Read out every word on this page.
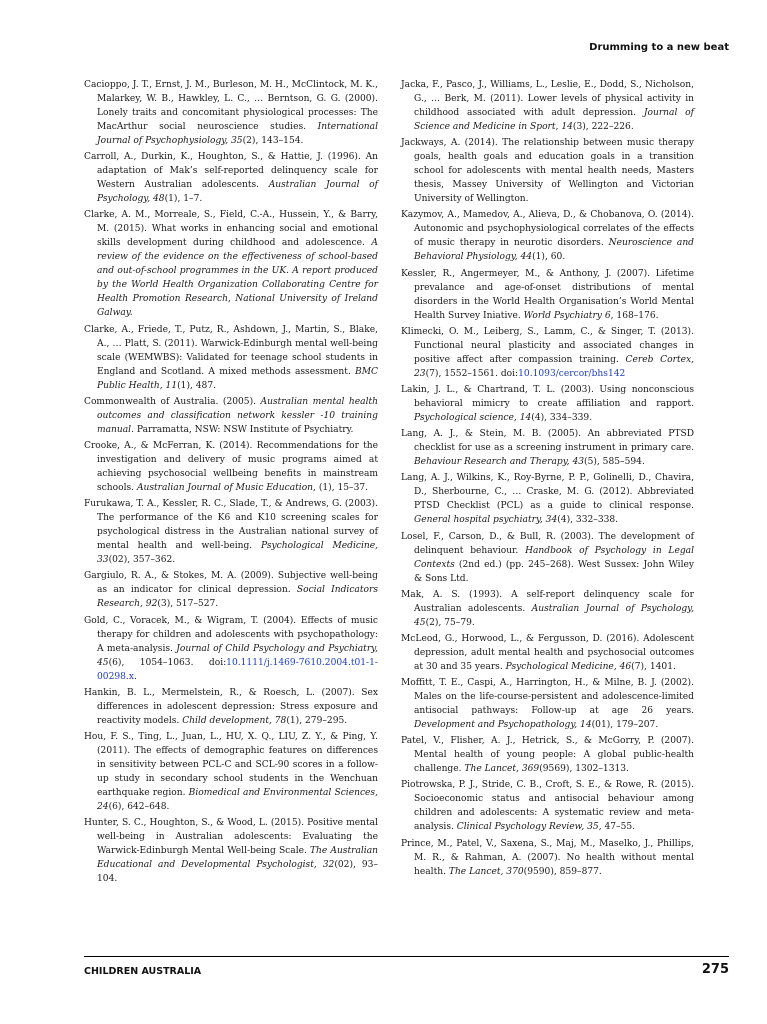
Drumming to a new beat

Cacioppo, J. T., Ernst, J. M., Burleson, M. H., McClintock, M. K., Malarkey, W. B., Hawkley, L. C., … Berntson, G. G. (2000). Lonely traits and concomitant physiological processes: The MacArthur social neuroscience studies. International Journal of Psychophysiology, 35(2), 143–154.

Carroll, A., Durkin, K., Houghton, S., & Hattie, J. (1996). An adaptation of Mak’s self-reported delinquency scale for Western Australian adolescents. Australian Journal of Psychology, 48(1), 1–7.

Clarke, A. M., Morreale, S., Field, C.-A., Hussein, Y., & Barry, M. (2015). What works in enhancing social and emotional skills development during childhood and adolescence. A review of the evidence on the effectiveness of school-based and out-of-school programmes in the UK. A report produced by the World Health Organization Collaborating Centre for Health Promotion Research, National University of Ireland Galway.

Clarke, A., Friede, T., Putz, R., Ashdown, J., Martin, S., Blake, A., … Platt, S. (2011). Warwick-Edinburgh mental well-being scale (WEMWBS): Validated for teenage school students in England and Scotland. A mixed methods assessment. BMC Public Health, 11(1), 487.

Commonwealth of Australia. (2005). Australian mental health outcomes and classification network kessler -10 training manual. Parramatta, NSW: NSW Institute of Psychiatry.

Crooke, A., & McFerran, K. (2014). Recommendations for the investigation and delivery of music programs aimed at achieving psychosocial wellbeing benefits in mainstream schools. Australian Journal of Music Education, (1), 15–37.

Furukawa, T. A., Kessler, R. C., Slade, T., & Andrews, G. (2003). The performance of the K6 and K10 screening scales for psychological distress in the Australian national survey of mental health and well-being. Psychological Medicine, 33(02), 357–362.

Gargiulo, R. A., & Stokes, M. A. (2009). Subjective well-being as an indicator for clinical depression. Social Indicators Research, 92(3), 517–527.

Gold, C., Voracek, M., & Wigram, T. (2004). Effects of music therapy for children and adolescents with psychopathology: A meta-analysis. Journal of Child Psychology and Psychiatry, 45(6), 1054–1063. doi:10.1111/j.1469-7610.2004.t01-1-00298.x.

Hankin, B. L., Mermelstein, R., & Roesch, L. (2007). Sex differences in adolescent depression: Stress exposure and reactivity models. Child development, 78(1), 279–295.

Hou, F. S., Ting, L., Juan, L., HU, X. Q., LIU, Z. Y., & Ping, Y. (2011). The effects of demographic features on differences in sensitivity between PCL-C and SCL-90 scores in a follow-up study in secondary school students in the Wenchuan earthquake region. Biomedical and Environmental Sciences, 24(6), 642–648.

Hunter, S. C., Houghton, S., & Wood, L. (2015). Positive mental well-being in Australian adolescents: Evaluating the Warwick-Edinburgh Mental Well-being Scale. The Australian Educational and Developmental Psychologist, 32(02), 93–104.

Jacka, F., Pasco, J., Williams, L., Leslie, E., Dodd, S., Nicholson, G., … Berk, M. (2011). Lower levels of physical activity in childhood associated with adult depression. Journal of Science and Medicine in Sport, 14(3), 222–226.

Jackways, A. (2014). The relationship between music therapy goals, health goals and education goals in a transition school for adolescents with mental health needs, Masters thesis, Massey University of Wellington and Victorian University of Wellington.

Kazymov, A., Mamedov, A., Alieva, D., & Chobanova, O. (2014). Autonomic and psychophysiological correlates of the effects of music therapy in neurotic disorders. Neuroscience and Behavioral Physiology, 44(1), 60.

Kessler, R., Angermeyer, M., & Anthony, J. (2007). Lifetime prevalance and age-of-onset distributions of mental disorders in the World Health Organisation’s World Mental Health Survey Iniative. World Psychiatry 6, 168–176.

Klimecki, O. M., Leiberg, S., Lamm, C., & Singer, T. (2013). Functional neural plasticity and associated changes in positive affect after compassion training. Cereb Cortex, 23(7), 1552–1561. doi:10.1093/cercor/bhs142

Lakin, J. L., & Chartrand, T. L. (2003). Using nonconscious behavioral mimicry to create affiliation and rapport. Psychological science, 14(4), 334–339.

Lang, A. J., & Stein, M. B. (2005). An abbreviated PTSD checklist for use as a screening instrument in primary care. Behaviour Research and Therapy, 43(5), 585–594.

Lang, A. J., Wilkins, K., Roy-Byrne, P. P., Golinelli, D., Chavira, D., Sherbourne, C., … Craske, M. G. (2012). Abbreviated PTSD Checklist (PCL) as a guide to clinical response. General hospital psychiatry, 34(4), 332–338.

Losel, F., Carson, D., & Bull, R. (2003). The development of delinquent behaviour. Handbook of Psychology in Legal Contexts (2nd ed.) (pp. 245–268). West Sussex: John Wiley & Sons Ltd.

Mak, A. S. (1993). A self-report delinquency scale for Australian adolescents. Australian Journal of Psychology, 45(2), 75–79.

McLeod, G., Horwood, L., & Fergusson, D. (2016). Adolescent depression, adult mental health and psychosocial outcomes at 30 and 35 years. Psychological Medicine, 46(7), 1401.

Moffitt, T. E., Caspi, A., Harrington, H., & Milne, B. J. (2002). Males on the life-course-persistent and adolescence-limited antisocial pathways: Follow-up at age 26 years. Development and Psychopathology, 14(01), 179–207.

Patel, V., Flisher, A. J., Hetrick, S., & McGorry, P. (2007). Mental health of young people: A global public-health challenge. The Lancet, 369(9569), 1302–1313.

Piotrowska, P. J., Stride, C. B., Croft, S. E., & Rowe, R. (2015). Socioeconomic status and antisocial behaviour among children and adolescents: A systematic review and meta-analysis. Clinical Psychology Review, 35, 47–55.

Prince, M., Patel, V., Saxena, S., Maj, M., Maselko, J., Phillips, M. R., & Rahman, A. (2007). No health without mental health. The Lancet, 370(9590), 859–877.

CHILDREN AUSTRALIA	275
